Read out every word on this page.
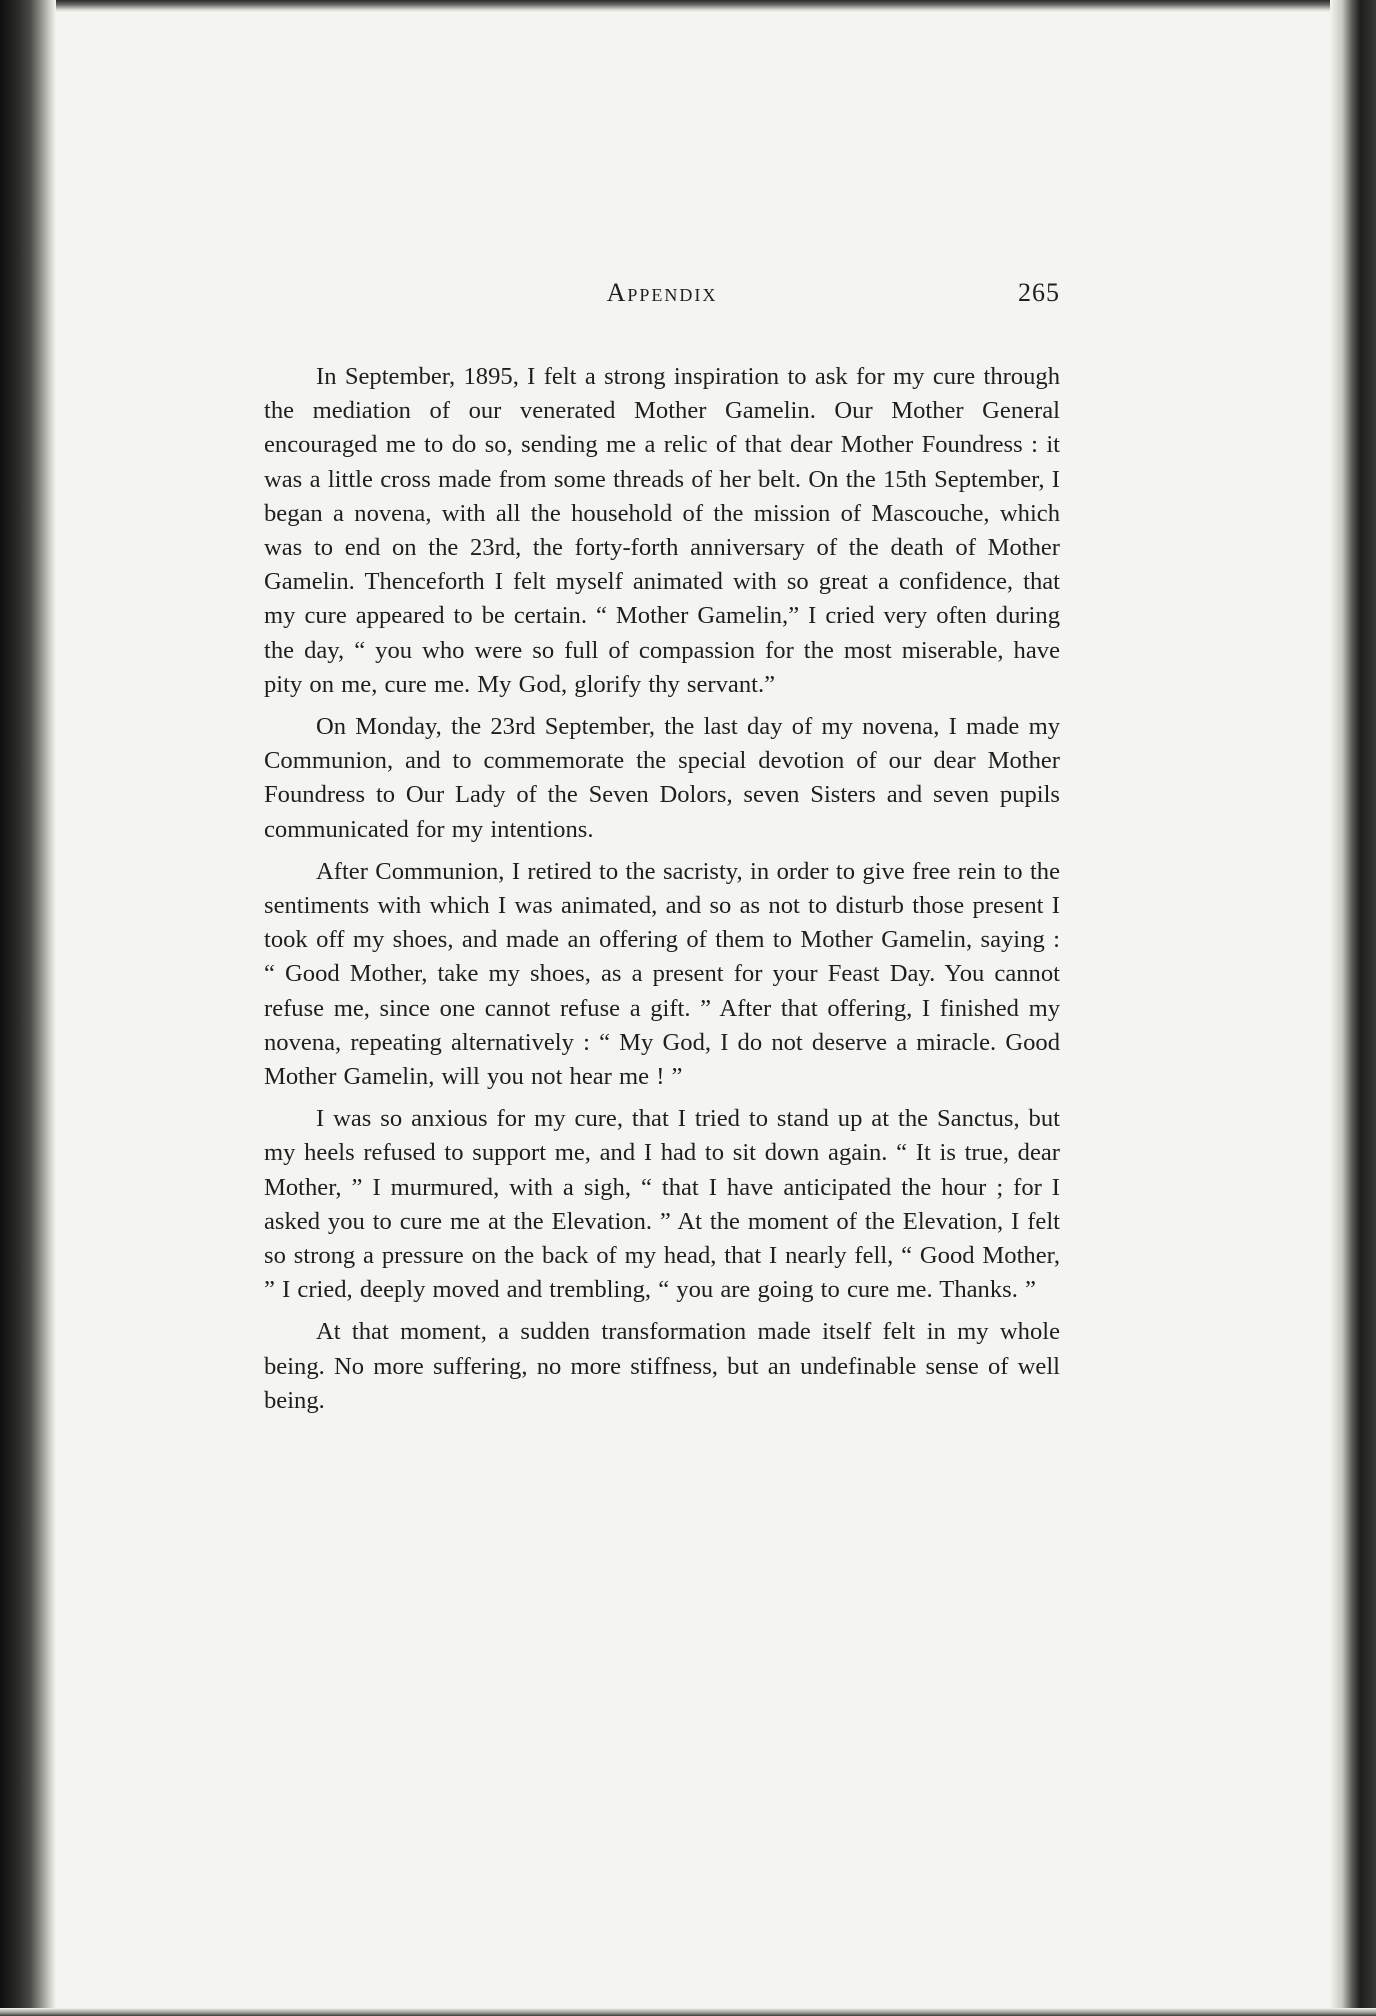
Appendix	265

In September, 1895, I felt a strong inspiration to ask for my cure through the mediation of our venerated Mother Gamelin. Our Mother General encouraged me to do so, sending me a relic of that dear Mother Foundress : it was a little cross made from some threads of her belt. On the 15th September, I began a novena, with all the household of the mission of Mascouche, which was to end on the 23rd, the forty-forth anniversary of the death of Mother Gamelin. Thenceforth I felt myself animated with so great a confidence, that my cure appeared to be certain. “ Mother Gamelin,” I cried very often during the day, “ you who were so full of compassion for the most miserable, have pity on me, cure me. My God, glorify thy servant.”

On Monday, the 23rd September, the last day of my novena, I made my Communion, and to commemorate the special devotion of our dear Mother Foundress to Our Lady of the Seven Dolors, seven Sisters and seven pupils communicated for my intentions.

After Communion, I retired to the sacristy, in order to give free rein to the sentiments with which I was animated, and so as not to disturb those present I took off my shoes, and made an offering of them to Mother Gamelin, saying : “ Good Mother, take my shoes, as a present for your Feast Day. You cannot refuse me, since one cannot refuse a gift. ” After that offering, I finished my novena, repeating alternatively : “ My God, I do not deserve a miracle. Good Mother Gamelin, will you not hear me ! ”

I was so anxious for my cure, that I tried to stand up at the Sanctus, but my heels refused to support me, and I had to sit down again. “ It is true, dear Mother, ” I murmured, with a sigh, “ that I have anticipated the hour ; for I asked you to cure me at the Elevation. ” At the moment of the Elevation, I felt so strong a pressure on the back of my head, that I nearly fell, “ Good Mother, ” I cried, deeply moved and trembling, “ you are going to cure me. Thanks. ”

At that moment, a sudden transformation made itself felt in my whole being. No more suffering, no more stiffness, but an undefinable sense of well being.
